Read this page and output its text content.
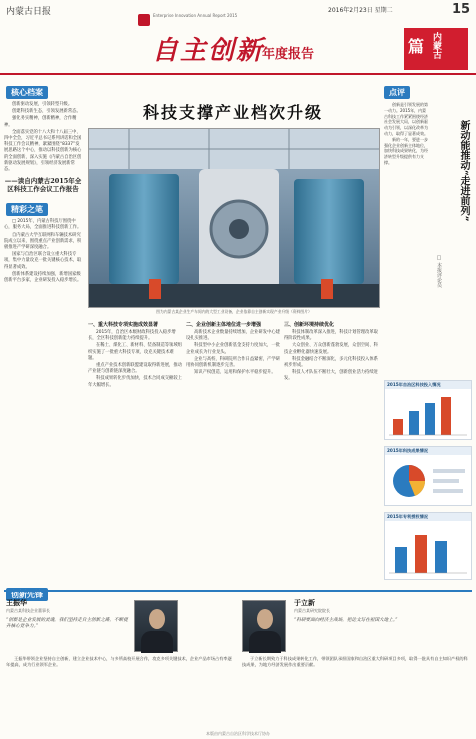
内蒙古日报	Enterprise Innovation Annual Report 2015
自主创新
年度报告
2016年2月23日 星期二	15
篇 内蒙古
核心档案

创新驱动发展，引领转型升级。

创建科技新生态，引领发展新常态。

强化务实精神，创新精神，合作精神。

全面落实党的十八大和十八届三中、四中全会，习近平总书记系列讲话和全国科技工作会议精神，紧紧围绕“8337”发展思路这个中心，推动以科技创新为核心的全面创新，深入实施《内蒙古自治区创新驱动发展规划》，引领经济发展新常态。

——读自内蒙古2015年全区科技工作会议工作报告
精彩之笔

□ 2015年，内蒙古科技厅围绕中心，服务大局，全面推进科技创新工作。

自内蒙古大学互联网和车辆技术研究院成立以来，围绕重点产业创新需求，积极推进产学研深度融合。

国家与自治区联合设立重大科技专项，集中力量攻克一批关键核心技术，取得显著成效。

创新体系建设持续加强，新增国家级创新平台多家，企业研发投入稳步增长。

科技支撑产业档次升级
图为内蒙古某企业生产车间内的大型工业设备，企业依靠自主创新实现产业升级（资料图片）
一、重大科技专项实施成效显著

2015年，自治区本级财政科技投入稳步增长，全区科技创新能力持续提升。

在稀土、煤化工、新材料、装备制造等领域组织实施了一批重大科技专项，攻克关键技术难题。

重点产业技术创新联盟建设取得新进展，推动产业链与创新链深度融合。

科技成果转化步伐加快，技术合同成交额较上年大幅增长。

二、企业创新主体地位进一步增强

高新技术企业数量持续增加，企业研发中心建设扎实推进。

科技型中小企业创新基金支持力度加大，一批企业成长为行业龙头。

企业与高校、科研院所合作日益紧密，产学研用协同创新机制逐步完善。

知识产权创造、运用和保护水平稳步提升。

三、创新环境持续优化

科技体制改革深入推进，科技计划管理改革取得阶段性成果。

大众创业、万众创新蓬勃发展，众创空间、科技企业孵化器快速发展。

科技金融结合不断深化，多元化科技投入体系初步形成。

科技人才队伍不断壮大，创新创业活力持续迸发。

点评

创新是引领发展的第一动力。2015年，内蒙古科技工作紧紧围绕经济社会发展大局，以创新驱动为引领，以深化改革为动力，取得了显著成效。

新的一年，要进一步强化企业创新主体地位，加快科技成果转化，为经济转型升级提供有力支撑。	新动能推动“走进前列”
□ 本报评论员
2015年自治区科技投入情况
2015年科技成果情况
2015年专利授权情况
创新先锋
王振华
内蒙古某科技企业董事长
“创新是企业发展的灵魂，我们坚持走自主创新之路，不断提升核心竞争力。”
王振华带领企业坚持自主创新，建立企业技术中心，与多所高校开展合作，攻克多项关键技术，企业产品市场占有率逐年提高，成为行业领军企业。
于立新
内蒙古某研究院院长
“科研要面向经济主战场，把论文写在祖国大地上。”
于立新长期致力于科技成果转化工作，带领团队承担国家和自治区重大科研项目多项，取得一批具有自主知识产权的科技成果，为地方经济发展作出重要贡献。
本版由内蒙古自治区科学技术厅协办
